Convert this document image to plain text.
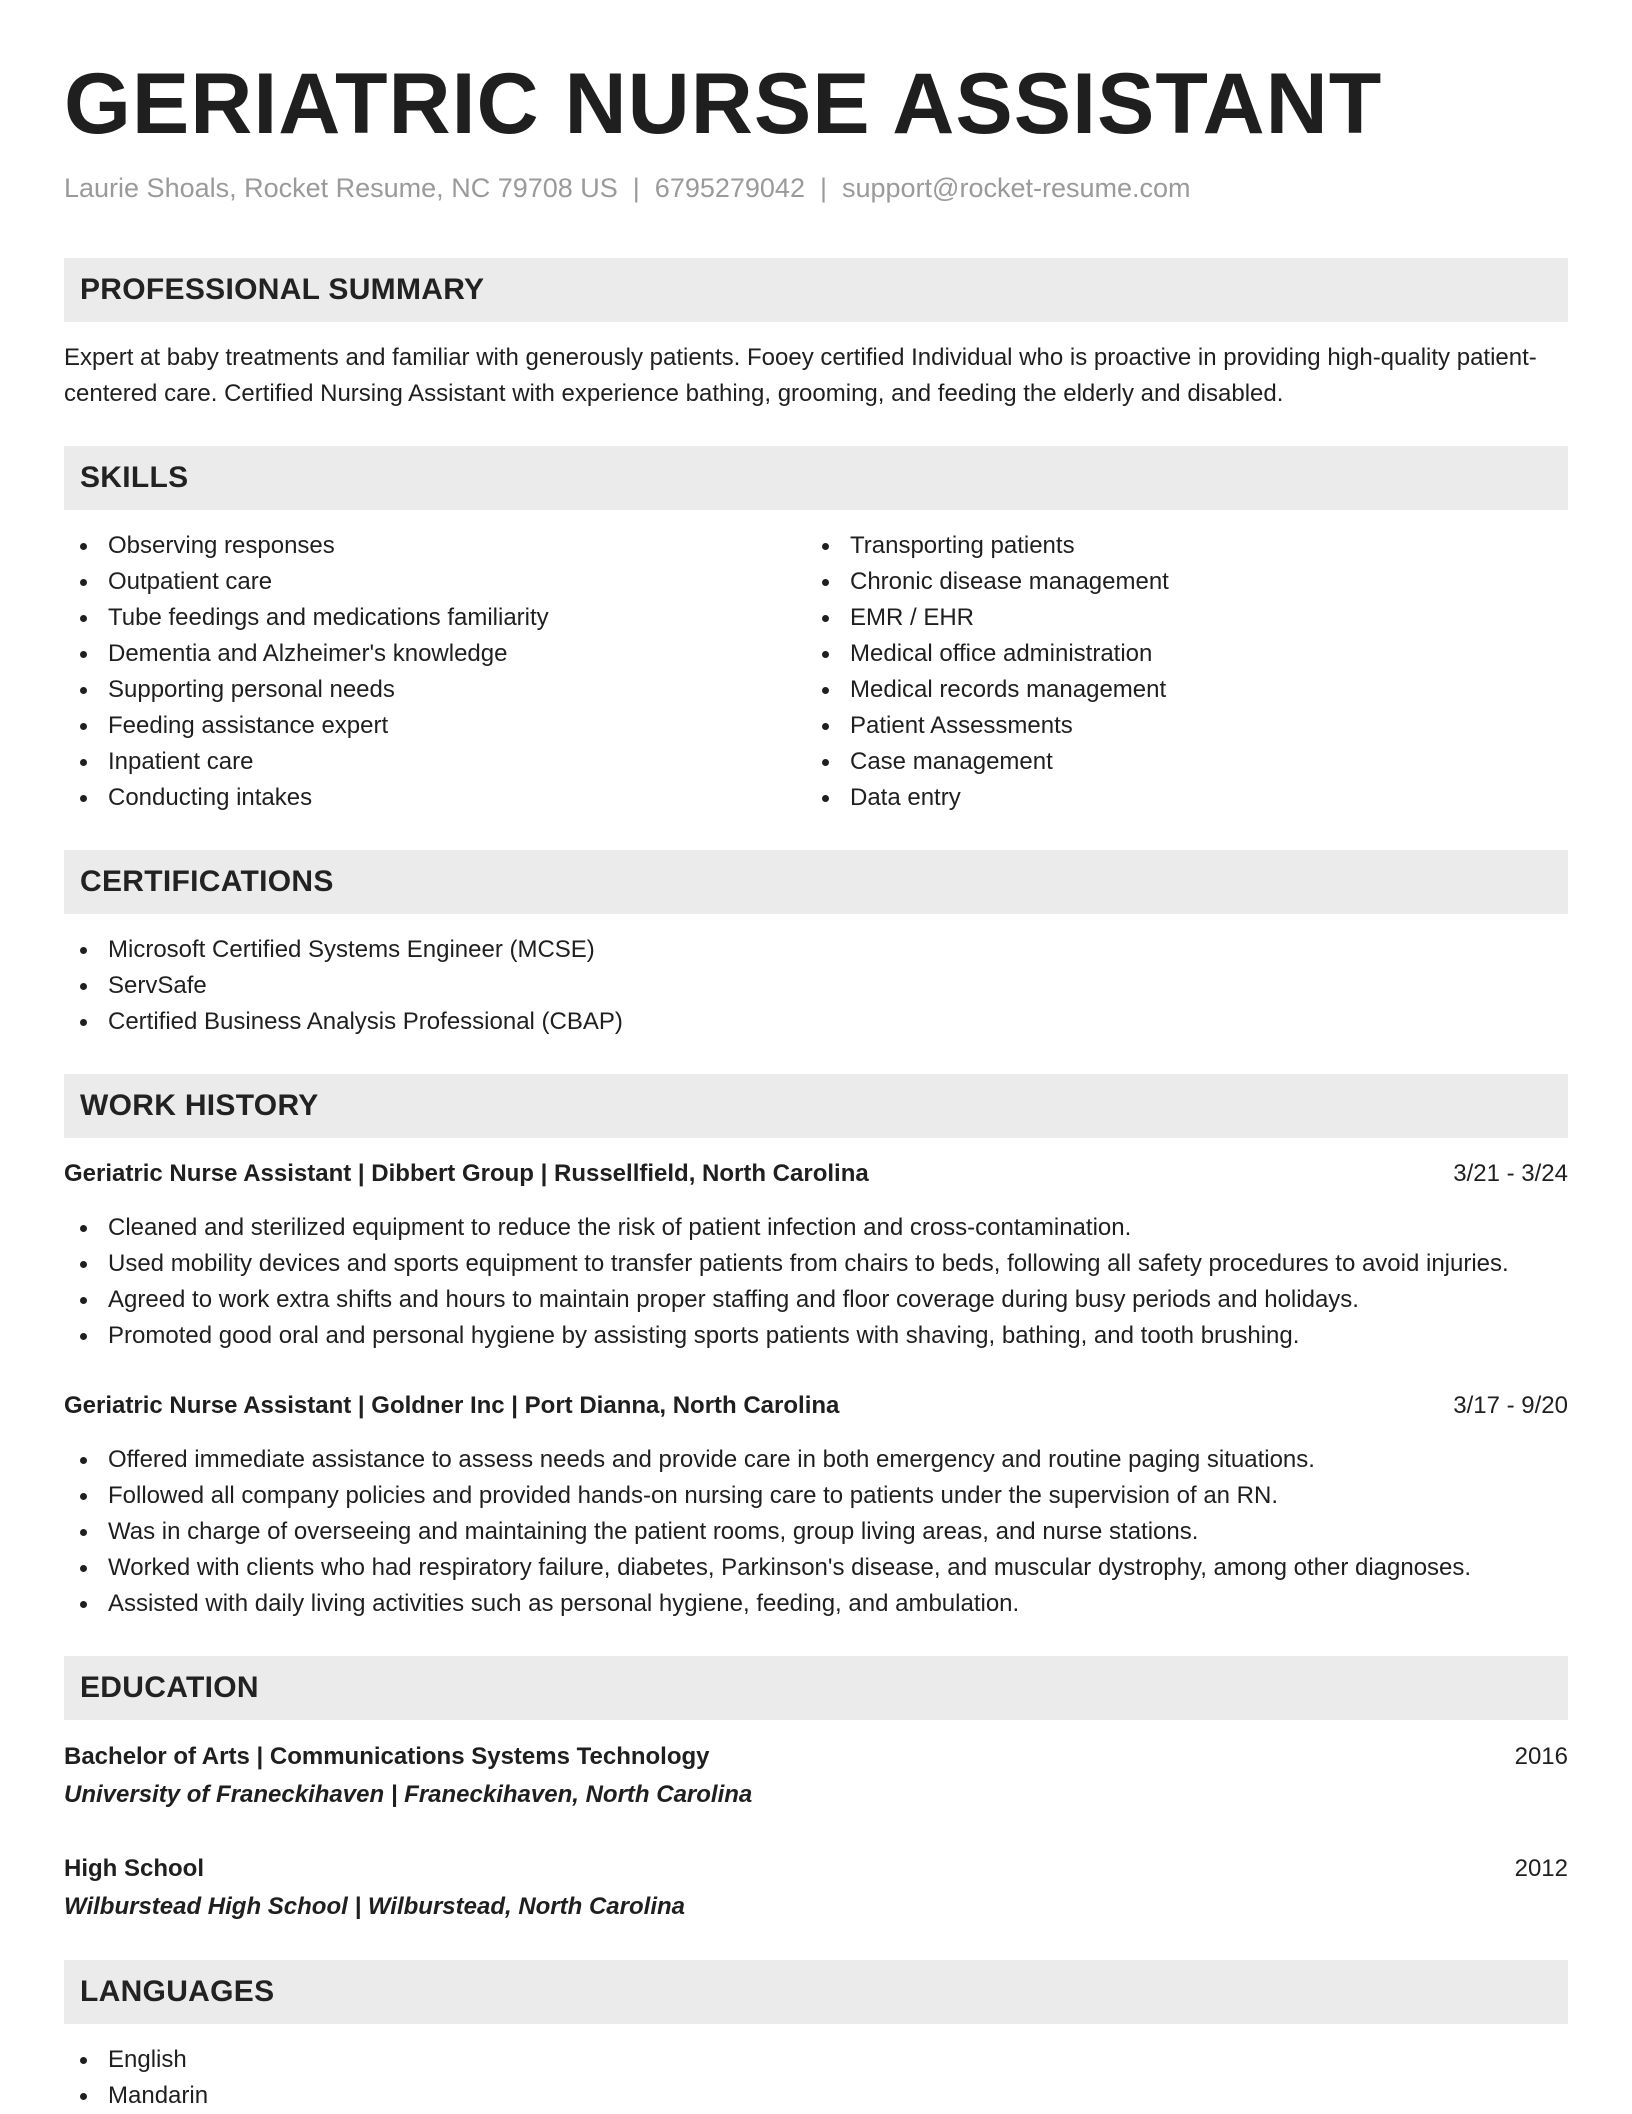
GERIATRIC NURSE ASSISTANT
Laurie Shoals, Rocket Resume, NC 79708 US | 6795279042 | support@rocket-resume.com
PROFESSIONAL SUMMARY

Expert at baby treatments and familiar with generously patients. Fooey certified Individual who is proactive in providing high-quality patient-centered care. Certified Nursing Assistant with experience bathing, grooming, and feeding the elderly and disabled.

SKILLS
Observing responses
Outpatient care
Tube feedings and medications familiarity
Dementia and Alzheimer's knowledge
Supporting personal needs
Feeding assistance expert
Inpatient care
Conducting intakes
Transporting patients
Chronic disease management
EMR / EHR
Medical office administration
Medical records management
Patient Assessments
Case management
Data entry
CERTIFICATIONS
Microsoft Certified Systems Engineer (MCSE)
ServSafe
Certified Business Analysis Professional (CBAP)
WORK HISTORY
Geriatric Nurse Assistant | Dibbert Group | Russellfield, North Carolina	3/21 - 3/24
Cleaned and sterilized equipment to reduce the risk of patient infection and cross-contamination.
Used mobility devices and sports equipment to transfer patients from chairs to beds, following all safety procedures to avoid injuries.
Agreed to work extra shifts and hours to maintain proper staffing and floor coverage during busy periods and holidays.
Promoted good oral and personal hygiene by assisting sports patients with shaving, bathing, and tooth brushing.
Geriatric Nurse Assistant | Goldner Inc | Port Dianna, North Carolina	3/17 - 9/20
Offered immediate assistance to assess needs and provide care in both emergency and routine paging situations.
Followed all company policies and provided hands-on nursing care to patients under the supervision of an RN.
Was in charge of overseeing and maintaining the patient rooms, group living areas, and nurse stations.
Worked with clients who had respiratory failure, diabetes, Parkinson's disease, and muscular dystrophy, among other diagnoses.
Assisted with daily living activities such as personal hygiene, feeding, and ambulation.
EDUCATION
Bachelor of Arts | Communications Systems Technology	2016
University of Franeckihaven | Franeckihaven, North Carolina
High School	2012
Wilburstead High School | Wilburstead, North Carolina
LANGUAGES
English
Mandarin
